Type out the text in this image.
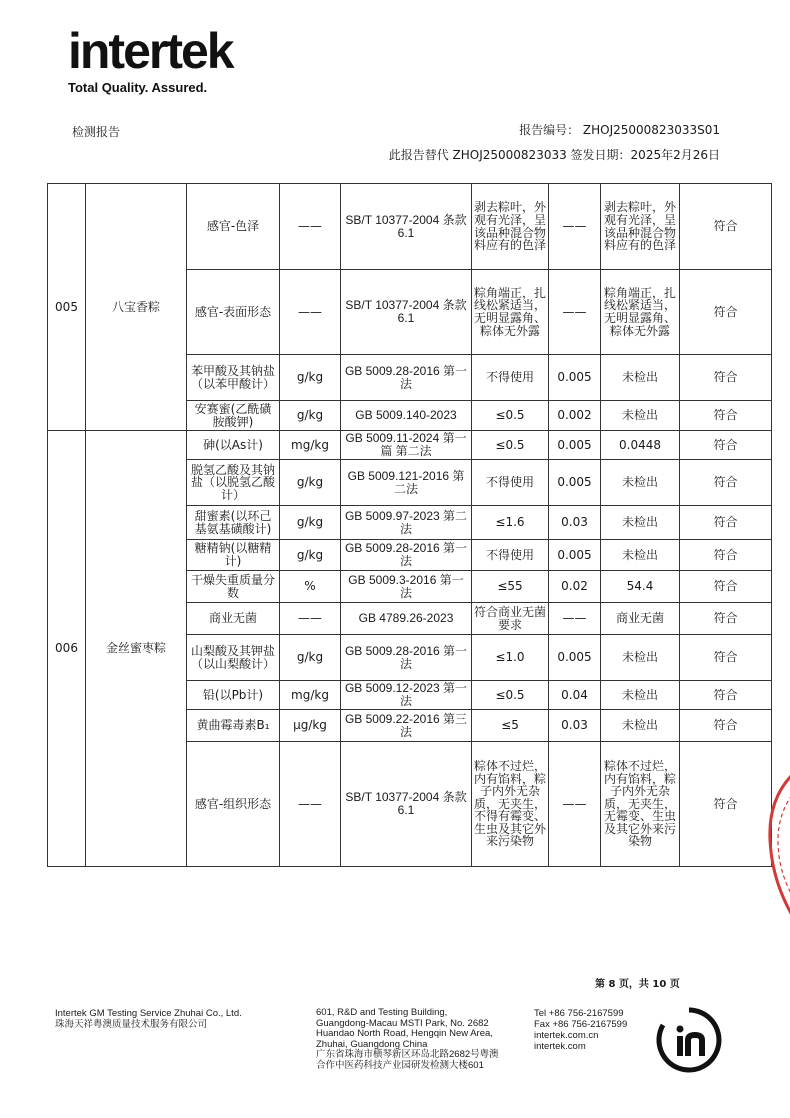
intertek
Total Quality. Assured.
检测报告	报告编号： ZHOJ25000823033S01
此报告替代 ZHOJ25000823033 签发日期：2025年2月26日
005	八宝香粽	感官-色泽	——	SB/T 10377-2004 条款 6.1	剥去粽叶，外观有光泽，呈该品种混合物料应有的色泽	——	剥去粽叶，外观有光泽，呈该品种混合物料应有的色泽	符合
		感官-表面形态	——	SB/T 10377-2004 条款 6.1	粽角端正，扎线松紧适当，无明显露角、粽体无外露	——	粽角端正，扎线松紧适当，无明显露角、粽体无外露	符合
		苯甲酸及其钠盐（以苯甲酸计）	g/kg	GB 5009.28-2016 第一法	不得使用	0.005	未检出	符合
		安赛蜜(乙酰磺胺酸钾)	g/kg	GB 5009.140-2023	≤0.5	0.002	未检出	符合
006	金丝蜜枣粽	砷(以As计)	mg/kg	GB 5009.11-2024 第一篇 第二法	≤0.5	0.005	0.0448	符合
		脱氢乙酸及其钠盐（以脱氢乙酸计）	g/kg	GB 5009.121-2016 第二法	不得使用	0.005	未检出	符合
		甜蜜素(以环己基氨基磺酸计)	g/kg	GB 5009.97-2023 第二法	≤1.6	0.03	未检出	符合
		糖精钠(以糖精计)	g/kg	GB 5009.28-2016 第一法	不得使用	0.005	未检出	符合
		干燥失重质量分数	%	GB 5009.3-2016 第一法	≤55	0.02	54.4	符合
		商业无菌	——	GB 4789.26-2023	符合商业无菌要求	——	商业无菌	符合
		山梨酸及其钾盐（以山梨酸计）	g/kg	GB 5009.28-2016 第一法	≤1.0	0.005	未检出	符合
		铅(以Pb计)	mg/kg	GB 5009.12-2023 第一法	≤0.5	0.04	未检出	符合
		黄曲霉毒素B₁	μg/kg	GB 5009.22-2016 第三法	≤5	0.03	未检出	符合
		感官-组织形态	——	SB/T 10377-2004 条款 6.1	粽体不过烂，内有馅料，粽子内外无杂质，无夹生，不得有霉变、生虫及其它外来污染物	——	粽体不过烂，内有馅料，粽子内外无杂质，无夹生，无霉变、生虫及其它外来污染物	符合
第 8 页，共 10 页
Intertek GM Testing Service Zhuhai Co., Ltd.
珠海天祥粤澳质量技术服务有限公司
601, R&D and Testing Building,
Guangdong-Macau MSTI Park, No. 2682
Huandao North Road, Hengqin New Area,
Zhuhai, Guangdong China
广东省珠海市横琴新区环岛北路2682号粤澳
合作中医药科技产业园研发检测大楼601
Tel +86 756-2167599
Fax +86 756-2167599
intertek.com.cn
intertek.com
